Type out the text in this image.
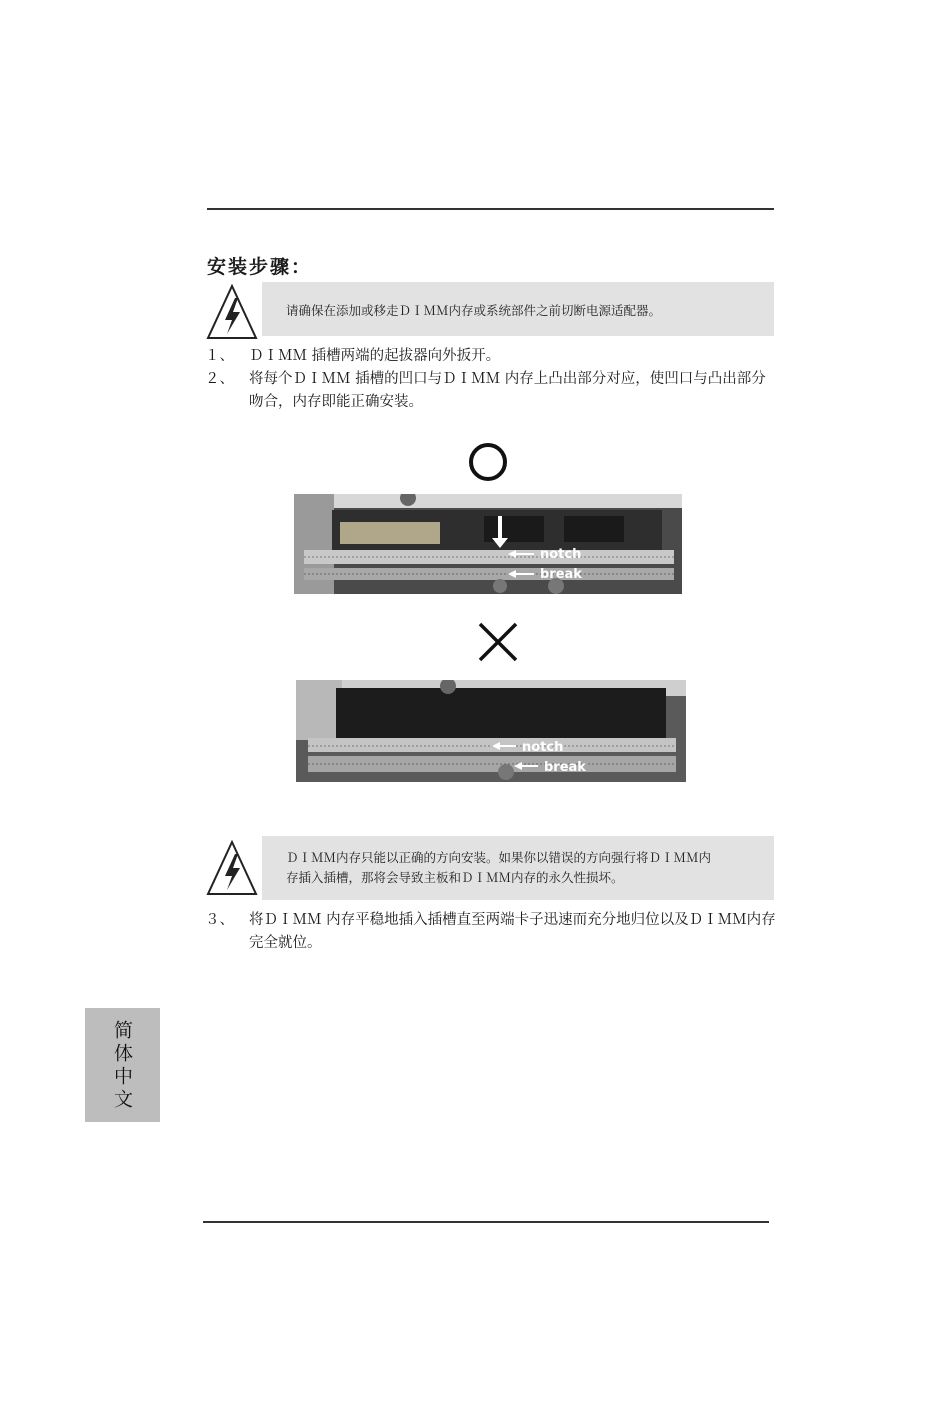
安装步骤：
请确保在添加或移走ＤＩＭＭ内存或系统部件之前切断电源适配器。
１、	ＤＩＭＭ 插槽两端的起拔器向外扳开。
２、	将每个ＤＩＭＭ 插槽的凹口与ＤＩＭＭ 内存上凸出部分对应，使凹口与凸出部分吻合，内存即能正确安装。
notch
break
notch
break
ＤＩＭＭ内存只能以正确的方向安装。如果你以错误的方向强行将ＤＩＭＭ内
存插入插槽，那将会导致主板和ＤＩＭＭ内存的永久性损坏。
３、	将ＤＩＭＭ 内存平稳地插入插槽直至两端卡子迅速而充分地归位以及ＤＩＭＭ内存完全就位。
简体中文
